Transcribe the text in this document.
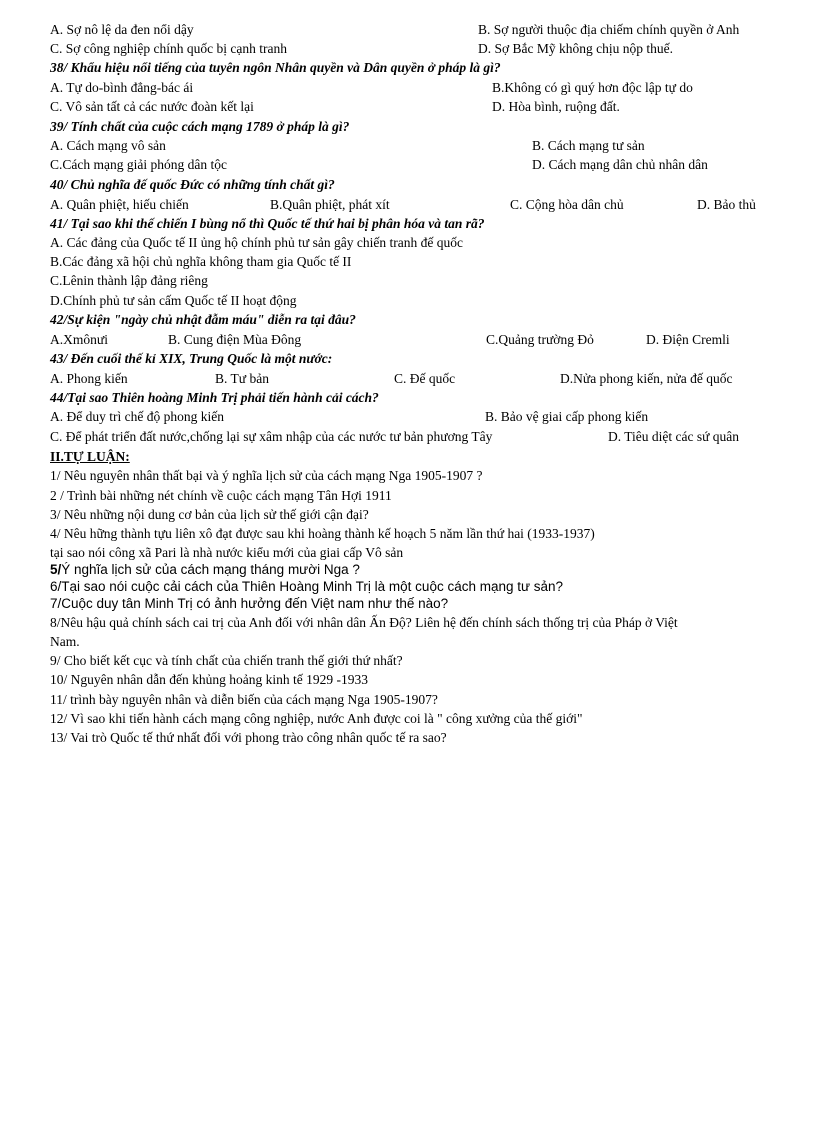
A. Sợ nô lệ da đen nổi dậy	B. Sợ người thuộc địa chiếm chính quyền ở Anh
C. Sợ công nghiệp chính quốc bị cạnh tranh	D. Sợ Bắc Mỹ không chịu nộp thuế.
38/ Khẩu hiệu nổi tiếng của tuyên ngôn Nhân quyền và Dân quyền ở pháp là gì?
A. Tự do-bình đẳng-bác ái	B.Không có gì quý hơn độc lập tự do
C. Vô sản tất cả các nước đoàn kết lại	D. Hòa bình, ruộng đất.
39/ Tính chất của cuộc cách mạng 1789 ở pháp là gì?
A. Cách mạng vô sản	B. Cách mạng tư sản
C.Cách mạng giải phóng dân tộc	D. Cách mạng dân chủ nhân dân
40/ Chủ nghĩa đế quốc Đức có những tính chất gì?
A. Quân phiệt, hiếu chiến	B.Quân phiệt, phát xít	C. Cộng hòa dân chủ	D. Bảo thủ
41/ Tại sao khi thế chiến I bùng nổ thì Quốc tế thứ hai bị phân hóa và tan rã?
A. Các đảng của Quốc tế II ủng hộ chính phủ tư sản gây chiến tranh đế quốc
B.Các đảng xã hội chủ nghĩa không tham gia Quốc tế II
C.Lênin thành lập đảng riêng
D.Chính phủ tư sản cấm Quốc tế II hoạt động
42/Sự kiện "ngày chủ nhật đẫm máu" diễn ra tại đâu?
A.Xmônưi	B. Cung điện Mùa Đông	C.Quảng trường Đỏ	D. Điện Cremli
43/ Đến cuối thế kỉ XIX, Trung Quốc là một nước:
A. Phong kiến	B. Tư bản	C. Đế quốc	D.Nửa phong kiến, nửa đế quốc
44/Tại sao Thiên hoàng Minh Trị phải tiến hành cải cách?
A. Để duy trì chế độ phong kiến	B. Bảo vệ giai cấp phong kiến
C. Để phát triển đất nước,chống lại sự xâm nhập của các nước tư bản phương Tây	D. Tiêu diệt các sứ quân
II.TỰ LUẬN:
1/ Nêu nguyên nhân thất bại và ý nghĩa lịch sử của cách mạng Nga 1905-1907 ?
2 / Trình bài những nét chính về cuộc cách mạng Tân Hợi 1911
3/ Nêu những nội dung cơ bản của lịch sử thế giới cận đại?
4/ Nêu hững thành tựu liên xô đạt được sau khi hoàng thành kế hoạch 5 năm lần thứ hai (1933-1937)
tại sao nói công xã Pari là nhà nước kiểu mới của giai cấp Vô sản
5/Ý nghĩa lịch sử của cách mạng tháng mười Nga ?
6/Tại sao nói cuộc cải cách của Thiên Hoàng Minh Trị là một cuộc cách mạng tư sản?
7/Cuộc duy tân Minh Trị có ảnh hưởng đến Việt nam như thế nào?
8/Nêu hậu quả chính sách cai trị của Anh đối với nhân dân Ấn Độ? Liên hệ đến chính sách thống trị của Pháp ở Việt
Nam.
9/ Cho biết kết cục và tính chất của chiến tranh thế giới thứ nhất?
10/ Nguyên nhân dẫn đến khủng hoảng kinh tế 1929 -1933
11/ trình bày nguyên nhân và diễn biến của cách mạng Nga 1905-1907?
12/ Vì sao khi tiến hành cách mạng công nghiệp, nước Anh được coi là " công xưởng của thế giới"
13/ Vai trò Quốc tế thứ nhất đối với phong trào công nhân quốc tế ra sao?
